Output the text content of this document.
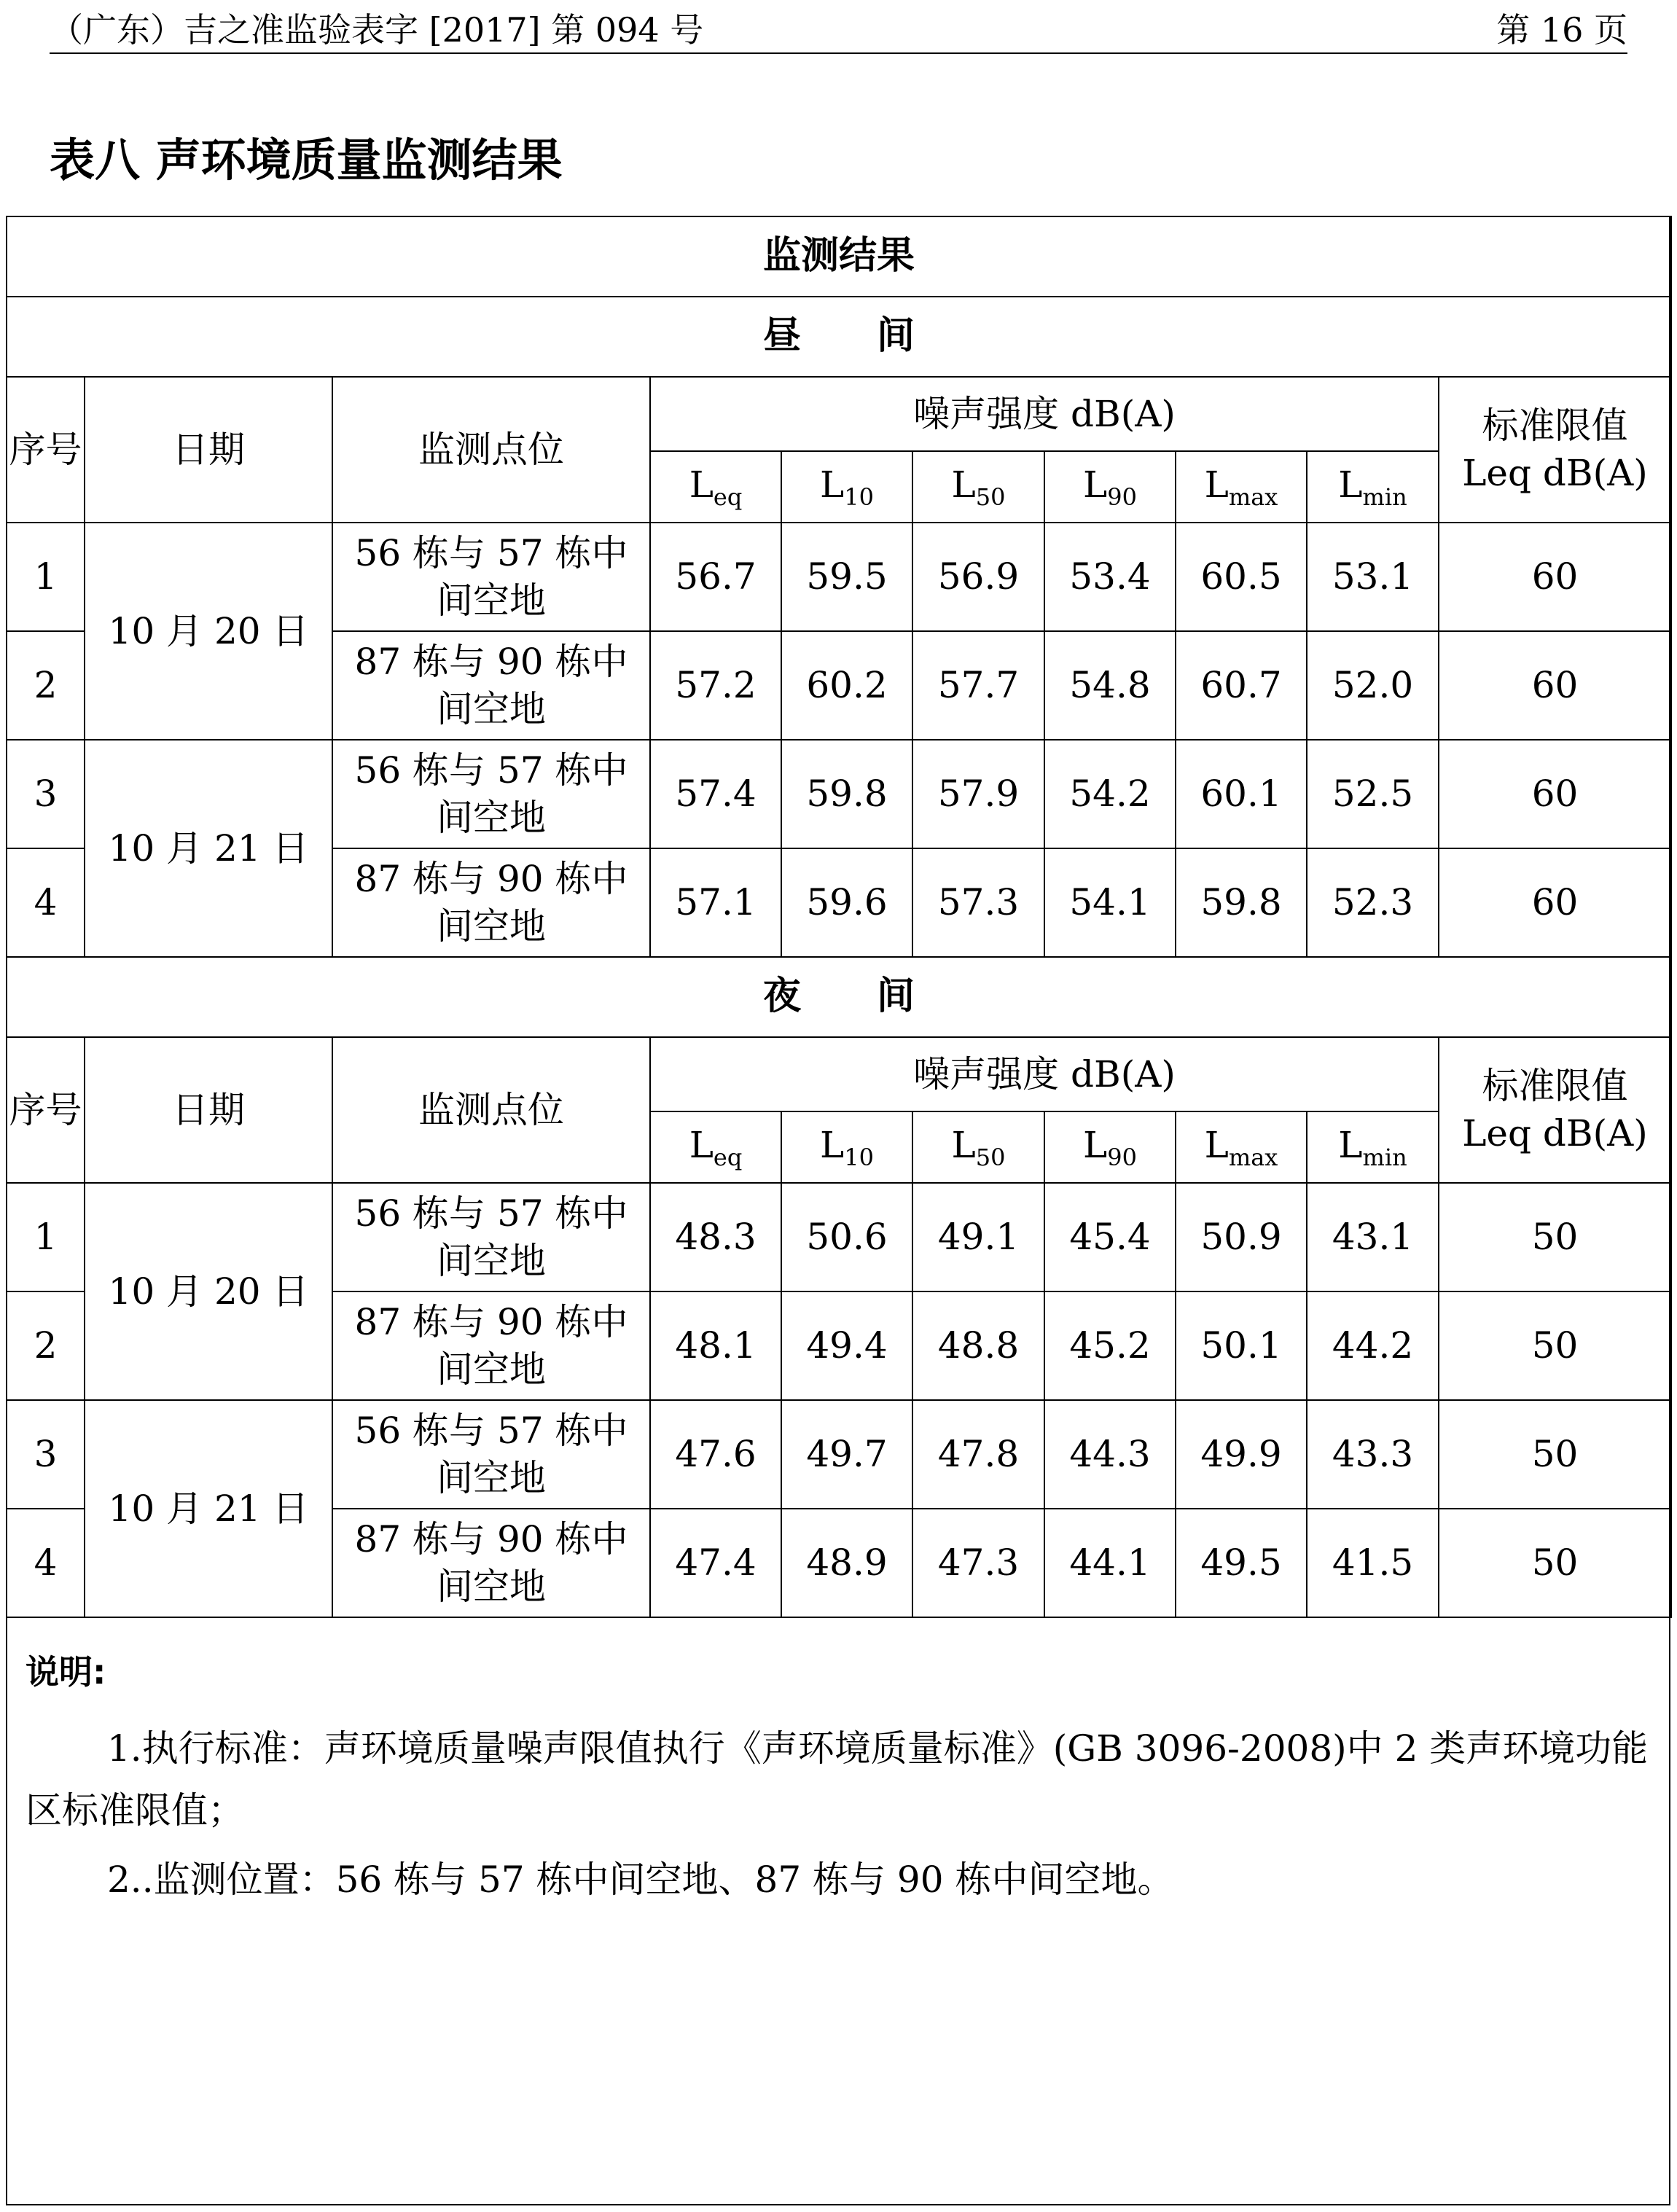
（广东）吉之准监验表字 [2017] 第 094 号	第 16 页
表八 声环境质量监测结果
监测结果									
昼　　间									
序号	日期	监测点位	噪声强度 dB(A)						标准限值
Leq dB(A)

			$L_{eq}$	$L_{10}$	$L_{50}$	$L_{90}$	$L_{max}$	$L_{min}$
1	10 月 20 日	56 栋与 57 栋中
间空地	56.7	59.5	56.9	53.4	60.5	53.1	60
2		87 栋与 90 栋中
间空地	57.2	60.2	57.7	54.8	60.7	52.0	60
3	10 月 21 日	56 栋与 57 栋中
间空地	57.4	59.8	57.9	54.2	60.1	52.5	60
4		87 栋与 90 栋中
间空地	57.1	59.6	57.3	54.1	59.8	52.3	60
夜　　间									
序号	日期	监测点位	噪声强度 dB(A)						标准限值
Leq dB(A)

			$L_{eq}$	$L_{10}$	$L_{50}$	$L_{90}$	$L_{max}$	$L_{min}$
1	10 月 20 日	56 栋与 57 栋中
间空地	48.3	50.6	49.1	45.4	50.9	43.1	50
2		87 栋与 90 栋中
间空地	48.1	49.4	48.8	45.2	50.1	44.2	50
3	10 月 21 日	56 栋与 57 栋中
间空地	47.6	49.7	47.8	44.3	49.9	43.3	50
4		87 栋与 90 栋中
间空地	47.4	48.9	47.3	44.1	49.5	41.5	50
说明:

1.执行标准：声环境质量噪声限值执行《声环境质量标准》(GB 3096-2008)中 2 类声环境功能区标准限值；

2..监测位置：56 栋与 57 栋中间空地、87 栋与 90 栋中间空地。
